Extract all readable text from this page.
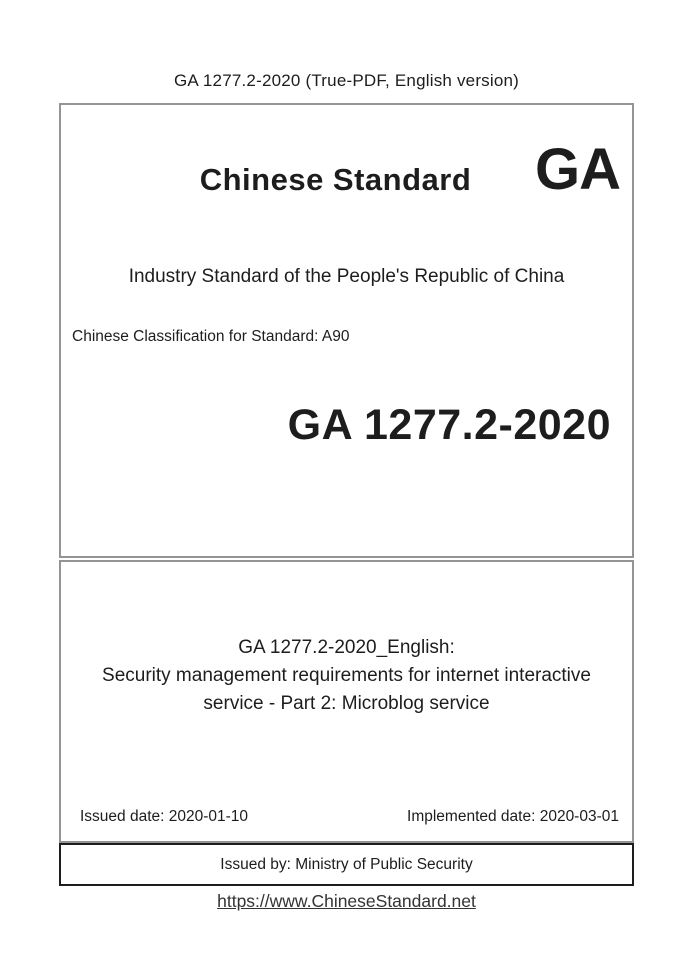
GA 1277.2-2020 (True-PDF, English version)
Chinese Standard	GA
Industry Standard of the People's Republic of China
Chinese Classification for Standard: A90
GA 1277.2-2020
GA 1277.2-2020_English:
Security management requirements for internet interactive
service - Part 2: Microblog service
Issued date: 2020-01-10	Implemented date: 2020-03-01
Issued by: Ministry of Public Security
https://www.ChineseStandard.net
